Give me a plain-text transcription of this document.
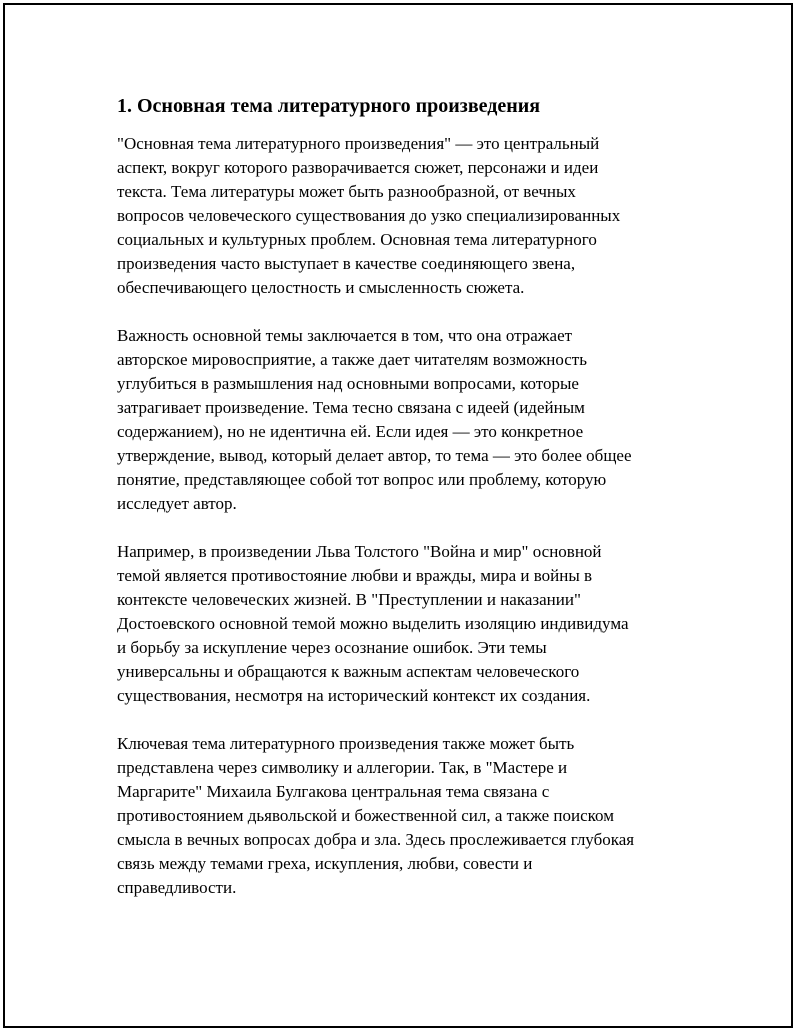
1. Основная тема литературного произведения

"Основная тема литературного произведения" — это центральный
аспект, вокруг которого разворачивается сюжет, персонажи и идеи
текста. Тема литературы может быть разнообразной, от вечных
вопросов человеческого существования до узко специализированных
социальных и культурных проблем. Основная тема литературного
произведения часто выступает в качестве соединяющего звена,
обеспечивающего целостность и смысленность сюжета.

Важность основной темы заключается в том, что она отражает
авторское мировосприятие, а также дает читателям возможность
углубиться в размышления над основными вопросами, которые
затрагивает произведение. Тема тесно связана с идеей (идейным
содержанием), но не идентична ей. Если идея — это конкретное
утверждение, вывод, который делает автор, то тема — это более общее
понятие, представляющее собой тот вопрос или проблему, которую
исследует автор.

Например, в произведении Льва Толстого "Война и мир" основной
темой является противостояние любви и вражды, мира и войны в
контексте человеческих жизней. В "Преступлении и наказании"
Достоевского основной темой можно выделить изоляцию индивидума
и борьбу за искупление через осознание ошибок. Эти темы
универсальны и обращаются к важным аспектам человеческого
существования, несмотря на исторический контекст их создания.

Ключевая тема литературного произведения также может быть
представлена через символику и аллегории. Так, в "Мастере и
Маргарите" Михаила Булгакова центральная тема связана с
противостоянием дьявольской и божественной сил, а также поиском
смысла в вечных вопросах добра и зла. Здесь прослеживается глубокая
связь между темами греха, искупления, любви, совести и
справедливости.
